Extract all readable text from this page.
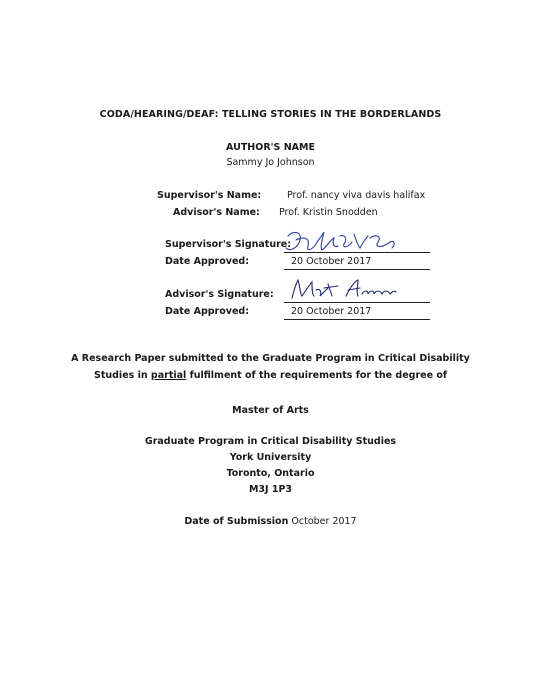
CODA/HEARING/DEAF: TELLING STORIES IN THE BORDERLANDS
AUTHOR'S NAME
Sammy Jo Johnson
Supervisor's Name:	Prof. nancy viva davis halifax
Advisor's Name: Prof. Kristin Snodden
Supervisor's Signature:
Date Approved:	20 October 2017
Advisor's Signature:
Date Approved:	20 October 2017
A Research Paper submitted to the Graduate Program in Critical Disability
Studies in partial fulfilment of the requirements for the degree of
Master of Arts
Graduate Program in Critical Disability Studies
York University
Toronto, Ontario
M3J 1P3
Date of Submission October 2017
